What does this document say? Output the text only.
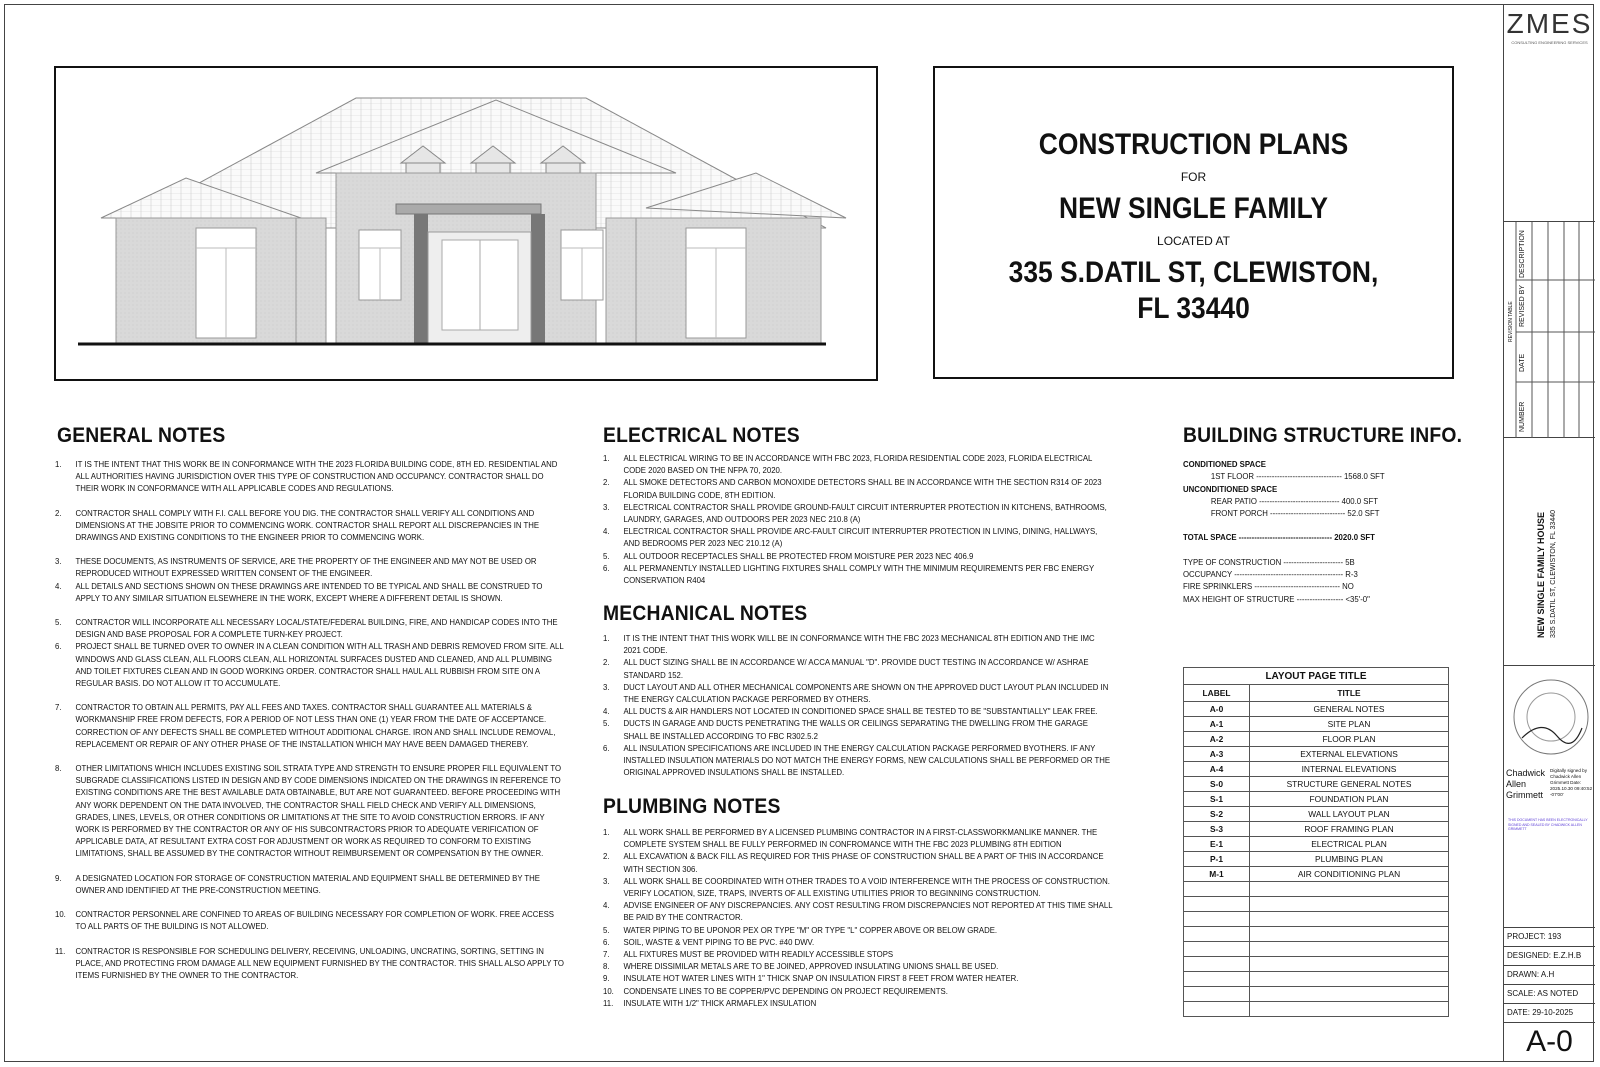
CONSTRUCTION PLANS
FOR
NEW SINGLE FAMILY
LOCATED AT
335 S.DATIL ST, CLEWISTON,
FL 33440
GENERAL NOTES
1.	IT IS THE INTENT THAT THIS WORK BE IN CONFORMANCE WITH THE 2023 FLORIDA BUILDING CODE, 8TH ED. RESIDENTIAL AND ALL AUTHORITIES HAVING JURISDICTION OVER THIS TYPE OF CONSTRUCTION AND OCCUPANCY. CONTRACTOR SHALL DO THEIR WORK IN CONFORMANCE WITH ALL APPLICABLE CODES AND REGULATIONS.
2.	CONTRACTOR SHALL COMPLY WITH F.I. CALL BEFORE YOU DIG. THE CONTRACTOR SHALL VERIFY ALL CONDITIONS AND DIMENSIONS AT THE JOBSITE PRIOR TO COMMENCING WORK. CONTRACTOR SHALL REPORT ALL DISCREPANCIES IN THE DRAWINGS AND EXISTING CONDITIONS TO THE ENGINEER PRIOR TO COMMENCING WORK.
3.	THESE DOCUMENTS, AS INSTRUMENTS OF SERVICE, ARE THE PROPERTY OF THE ENGINEER AND MAY NOT BE USED OR REPRODUCED WITHOUT EXPRESSED WRITTEN CONSENT OF THE ENGINEER.
4.	ALL DETAILS AND SECTIONS SHOWN ON THESE DRAWINGS ARE INTENDED TO BE TYPICAL AND SHALL BE CONSTRUED TO APPLY TO ANY SIMILAR SITUATION ELSEWHERE IN THE WORK, EXCEPT WHERE A DIFFERENT DETAIL IS SHOWN.
5.	CONTRACTOR WILL INCORPORATE ALL NECESSARY LOCAL/STATE/FEDERAL BUILDING, FIRE, AND HANDICAP CODES INTO THE DESIGN AND BASE PROPOSAL FOR A COMPLETE TURN-KEY PROJECT.
6.	PROJECT SHALL BE TURNED OVER TO OWNER IN A CLEAN CONDITION WITH ALL TRASH AND DEBRIS REMOVED FROM SITE. ALL WINDOWS AND GLASS CLEAN, ALL FLOORS CLEAN, ALL HORIZONTAL SURFACES DUSTED AND CLEANED, AND ALL PLUMBING AND TOILET FIXTURES CLEAN AND IN GOOD WORKING ORDER. CONTRACTOR SHALL HAUL ALL RUBBISH FROM SITE ON A REGULAR BASIS. DO NOT ALLOW IT TO ACCUMULATE.
7.	CONTRACTOR TO OBTAIN ALL PERMITS, PAY ALL FEES AND TAXES. CONTRACTOR SHALL GUARANTEE ALL MATERIALS & WORKMANSHIP FREE FROM DEFECTS, FOR A PERIOD OF NOT LESS THAN ONE (1) YEAR FROM THE DATE OF ACCEPTANCE. CORRECTION OF ANY DEFECTS SHALL BE COMPLETED WITHOUT ADDITIONAL CHARGE. IRON AND SHALL INCLUDE REMOVAL, REPLACEMENT OR REPAIR OF ANY OTHER PHASE OF THE INSTALLATION WHICH MAY HAVE BEEN DAMAGED THEREBY.
8.	OTHER LIMITATIONS WHICH INCLUDES EXISTING SOIL STRATA TYPE AND STRENGTH TO ENSURE PROPER FILL EQUIVALENT TO SUBGRADE CLASSIFICATIONS LISTED IN DESIGN AND BY CODE DIMENSIONS INDICATED ON THE DRAWINGS IN REFERENCE TO EXISTING CONDITIONS ARE THE BEST AVAILABLE DATA OBTAINABLE, BUT ARE NOT GUARANTEED. BEFORE PROCEEDING WITH ANY WORK DEPENDENT ON THE DATA INVOLVED, THE CONTRACTOR SHALL FIELD CHECK AND VERIFY ALL DIMENSIONS, GRADES, LINES, LEVELS, OR OTHER CONDITIONS OR LIMITATIONS AT THE SITE TO AVOID CONSTRUCTION ERRORS. IF ANY WORK IS PERFORMED BY THE CONTRACTOR OR ANY OF HIS SUBCONTRACTORS PRIOR TO ADEQUATE VERIFICATION OF APPLICABLE DATA, AT RESULTANT EXTRA COST FOR ADJUSTMENT OR WORK AS REQUIRED TO CONFORM TO EXISTING LIMITATIONS, SHALL BE ASSUMED BY THE CONTRACTOR WITHOUT REIMBURSEMENT OR COMPENSATION BY THE OWNER.
9.	A DESIGNATED LOCATION FOR STORAGE OF CONSTRUCTION MATERIAL AND EQUIPMENT SHALL BE DETERMINED BY THE OWNER AND IDENTIFIED AT THE PRE-CONSTRUCTION MEETING.
10.	CONTRACTOR PERSONNEL ARE CONFINED TO AREAS OF BUILDING NECESSARY FOR COMPLETION OF WORK. FREE ACCESS TO ALL PARTS OF THE BUILDING IS NOT ALLOWED.
11.	CONTRACTOR IS RESPONSIBLE FOR SCHEDULING DELIVERY, RECEIVING, UNLOADING, UNCRATING, SORTING, SETTING IN PLACE, AND PROTECTING FROM DAMAGE ALL NEW EQUIPMENT FURNISHED BY THE CONTRACTOR. THIS SHALL ALSO APPLY TO ITEMS FURNISHED BY THE OWNER TO THE CONTRACTOR.
ELECTRICAL NOTES
1.	ALL ELECTRICAL WIRING TO BE IN ACCORDANCE WITH FBC 2023, FLORIDA RESIDENTIAL CODE 2023, FLORIDA ELECTRICAL CODE 2020 BASED ON THE NFPA 70, 2020.
2.	ALL SMOKE DETECTORS AND CARBON MONOXIDE DETECTORS SHALL BE IN ACCORDANCE WITH THE SECTION R314 OF 2023 FLORIDA BUILDING CODE, 8TH EDITION.
3.	ELECTRICAL CONTRACTOR SHALL PROVIDE GROUND-FAULT CIRCUIT INTERRUPTER PROTECTION IN KITCHENS, BATHROOMS, LAUNDRY, GARAGES, AND OUTDOORS PER 2023 NEC 210.8 (A)
4.	ELECTRICAL CONTRACTOR SHALL PROVIDE ARC-FAULT CIRCUIT INTERRUPTER PROTECTION IN LIVING, DINING, HALLWAYS, AND BEDROOMS PER 2023 NEC 210.12 (A)
5.	ALL OUTDOOR RECEPTACLES SHALL BE PROTECTED FROM MOISTURE PER 2023 NEC 406.9
6.	ALL PERMANENTLY INSTALLED LIGHTING FIXTURES SHALL COMPLY WITH THE MINIMUM REQUIREMENTS PER FBC ENERGY CONSERVATION R404
MECHANICAL NOTES
1.	IT IS THE INTENT THAT THIS WORK WILL BE IN CONFORMANCE WITH THE FBC 2023 MECHANICAL 8TH EDITION AND THE IMC 2021 CODE.
2.	ALL DUCT SIZING SHALL BE IN ACCORDANCE W/ ACCA MANUAL "D". PROVIDE DUCT TESTING IN ACCORDANCE W/ ASHRAE STANDARD 152.
3.	DUCT LAYOUT AND ALL OTHER MECHANICAL COMPONENTS ARE SHOWN ON THE APPROVED DUCT LAYOUT PLAN INCLUDED IN THE ENERGY CALCULATION PACKAGE PERFORMED BY OTHERS.
4.	ALL DUCTS & AIR HANDLERS NOT LOCATED IN CONDITIONED SPACE SHALL BE TESTED TO BE "SUBSTANTIALLY" LEAK FREE.
5.	DUCTS IN GARAGE AND DUCTS PENETRATING THE WALLS OR CEILINGS SEPARATING THE DWELLING FROM THE GARAGE SHALL BE INSTALLED ACCORDING TO FBC R302.5.2
6.	ALL INSULATION SPECIFICATIONS ARE INCLUDED IN THE ENERGY CALCULATION PACKAGE PERFORMED BYOTHERS. IF ANY INSTALLED INSULATION MATERIALS DO NOT MATCH THE ENERGY FORMS, NEW CALCULATIONS SHALL BE PERFORMED OR THE ORIGINAL APPROVED INSULATIONS SHALL BE INSTALLED.
PLUMBING NOTES
1.	ALL WORK SHALL BE PERFORMED BY A LICENSED PLUMBING CONTRACTOR IN A FIRST-CLASSWORKMANLIKE MANNER. THE COMPLETE SYSTEM SHALL BE FULLY PERFORMED IN CONFROMANCE WITH THE FBC 2023 PLUMBING 8TH EDITION
2.	ALL EXCAVATION & BACK FILL AS REQUIRED FOR THIS PHASE OF CONSTRUCTION SHALL BE A PART OF THIS IN ACCORDANCE WITH SECTION 306.
3.	ALL WORK SHALL BE COORDINATED WITH OTHER TRADES TO A VOID INTERFERENCE WITH THE PROCESS OF CONSTRUCTION. VERIFY LOCATION, SIZE, TRAPS, INVERTS OF ALL EXISTING UTILITIES PRIOR TO BEGINNING CONSTRUCTION.
4.	ADVISE ENGINEER OF ANY DISCREPANCIES. ANY COST RESULTING FROM DISCREPANCIES NOT REPORTED AT THIS TIME SHALL BE PAID BY THE CONTRACTOR.
5.	WATER PIPING TO BE UPONOR PEX OR TYPE "M" OR TYPE "L" COPPER ABOVE OR BELOW GRADE.
6.	SOIL, WASTE & VENT PIPING TO BE PVC. #40 DWV.
7.	ALL FIXTURES MUST BE PROVIDED WITH READILY ACCESSIBLE STOPS
8.	WHERE DISSIMILAR METALS ARE TO BE JOINED, APPROVED INSULATING UNIONS SHALL BE USED.
9.	INSULATE HOT WATER LINES WITH 1" THICK SNAP ON INSULATION FIRST 8 FEET FROM WATER HEATER.
10.	CONDENSATE LINES TO BE COPPER/PVC DEPENDING ON PROJECT REQUIREMENTS.
11.	INSULATE WITH 1/2" THICK ARMAFLEX INSULATION
BUILDING STRUCTURE INFO.
CONDITIONED SPACE
1ST FLOOR --------------------------------- 1568.0 SFT
UNCONDITIONED SPACE
REAR PATIO ------------------------------- 400.0 SFT
FRONT PORCH ----------------------------- 52.0 SFT
TOTAL SPACE ------------------------------------ 2020.0 SFT
TYPE OF CONSTRUCTION ----------------------- 5B
OCCUPANCY ------------------------------------------ R-3
FIRE SPRINKLERS --------------------------------- NO
MAX HEIGHT OF STRUCTURE ------------------ <35'-0"
LAYOUT PAGE TITLE	
LABEL	TITLE
A-0	GENERAL NOTES
A-1	SITE PLAN
A-2	FLOOR PLAN
A-3	EXTERNAL ELEVATIONS
A-4	INTERNAL ELEVATIONS
S-0	STRUCTURE GENERAL NOTES
S-1	FOUNDATION PLAN
S-2	WALL LAYOUT PLAN
S-3	ROOF FRAMING PLAN
E-1	ELECTRICAL PLAN
P-1	PLUMBING PLAN
M-1	AIR CONDITIONING PLAN

ZMES
CONSULTING ENGINEERING SERVICES
REVISION TABLE
NUMBER
DATE
REVISED BY
DESCRIPTION
NEW SINGLE FAMILY HOUSE 335 S.DATIL ST, CLEWISTON, FL 33440
Chadwick Allen Grimmett
Digitally signed by Chadwick Allen Grimmett Date: 2025.10.30 09:40:52 -07'00'
THIS DOCUMENT HAS BEEN ELECTRONICALLY SIGNED AND SEALED BY CHADWICK ALLEN GRIMMETT
PROJECT: 193
DESIGNED: E.Z.H.B
DRAWN: A.H
SCALE: AS NOTED
DATE: 29-10-2025
A-0
